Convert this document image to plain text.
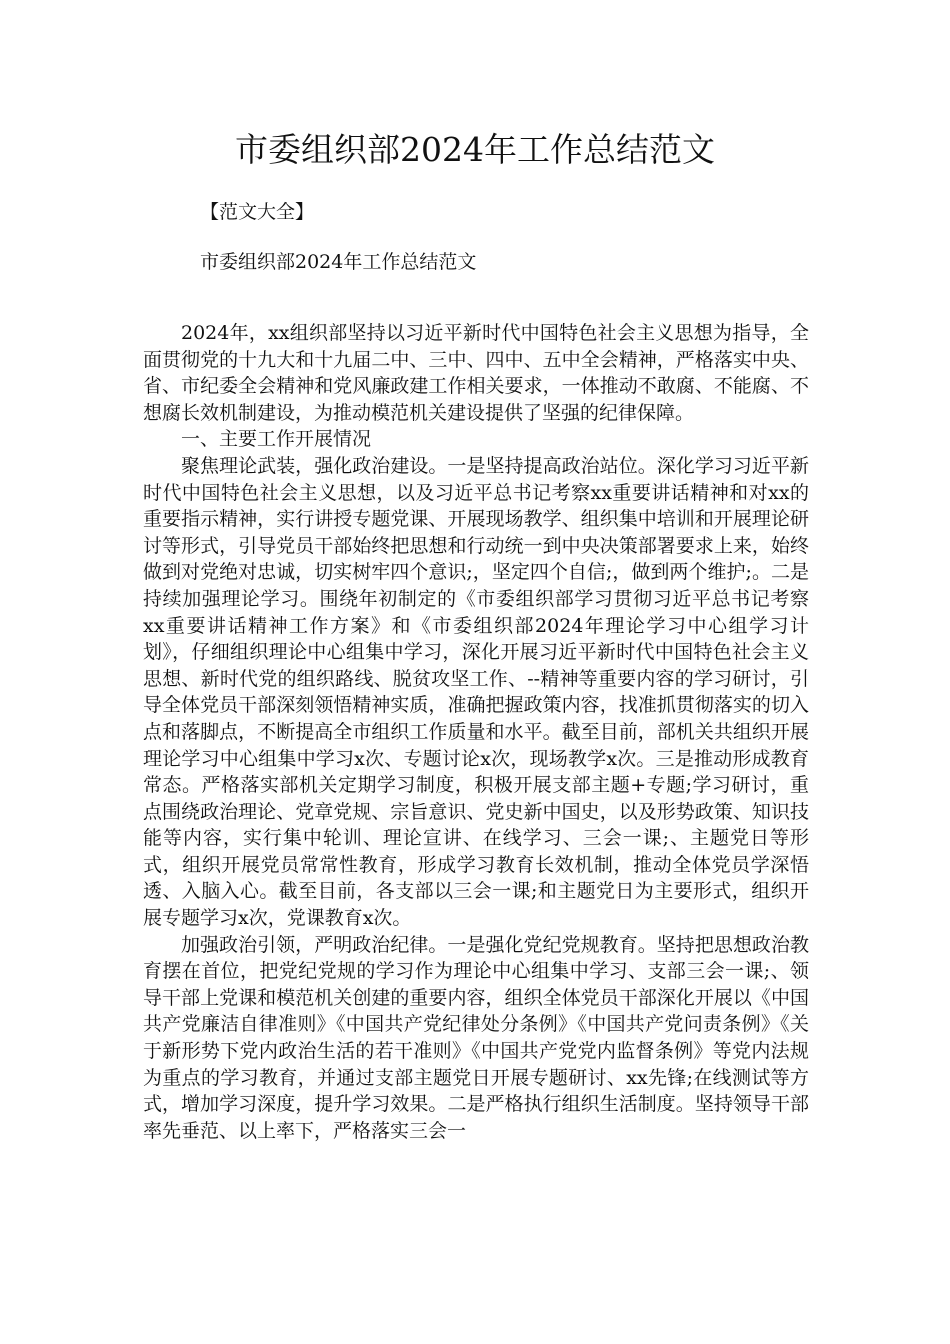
市委组织部2024年工作总结范文
【范文大全】
市委组织部2024年工作总结范文

2024年，xx组织部坚持以习近平新时代中国特色社会主义思想为指导，全面贯彻党的十九大和十九届二中、三中、四中、五中全会精神，严格落实中央、省、市纪委全会精神和党风廉政建工作相关要求，一体推动不敢腐、不能腐、不想腐长效机制建设，为推动模范机关建设提供了坚强的纪律保障。

一、主要工作开展情况

聚焦理论武装，强化政治建设。一是坚持提高政治站位。深化学习习近平新时代中国特色社会主义思想，以及习近平总书记考察xx重要讲话精神和对xx的重要指示精神，实行讲授专题党课、开展现场教学、组织集中培训和开展理论研讨等形式，引导党员干部始终把思想和行动统一到中央决策部署要求上来，始终做到对党绝对忠诚，切实树牢四个意识;，坚定四个自信;，做到两个维护;。二是持续加强理论学习。围绕年初制定的《市委组织部学习贯彻习近平总书记考察xx重要讲话精神工作方案》和《市委组织部2024年理论学习中心组学习计划》，仔细组织理论中心组集中学习，深化开展习近平新时代中国特色社会主义思想、新时代党的组织路线、脱贫攻坚工作、--精神等重要内容的学习研讨，引导全体党员干部深刻领悟精神实质，准确把握政策内容，找准抓贯彻落实的切入点和落脚点，不断提高全市组织工作质量和水平。截至目前，部机关共组织开展理论学习中心组集中学习x次、专题讨论x次，现场教学x次。三是推动形成教育常态。严格落实部机关定期学习制度，积极开展支部主题+专题;学习研讨，重点围绕政治理论、党章党规、宗旨意识、党史新中国史，以及形势政策、知识技能等内容，实行集中轮训、理论宣讲、在线学习、三会一课;、主题党日等形式，组织开展党员常常性教育，形成学习教育长效机制，推动全体党员学深悟透、入脑入心。截至目前，各支部以三会一课;和主题党日为主要形式，组织开展专题学习x次，党课教育x次。

加强政治引领，严明政治纪律。一是强化党纪党规教育。坚持把思想政治教育摆在首位，把党纪党规的学习作为理论中心组集中学习、支部三会一课;、领导干部上党课和模范机关创建的重要内容，组织全体党员干部深化开展以《中国共产党廉洁自律准则》《中国共产党纪律处分条例》《中国共产党问责条例》《关于新形势下党内政治生活的若干准则》《中国共产党党内监督条例》等党内法规为重点的学习教育，并通过支部主题党日开展专题研讨、xx先锋;在线测试等方式，增加学习深度，提升学习效果。二是严格执行组织生活制度。坚持领导干部率先垂范、以上率下，严格落实三会一
